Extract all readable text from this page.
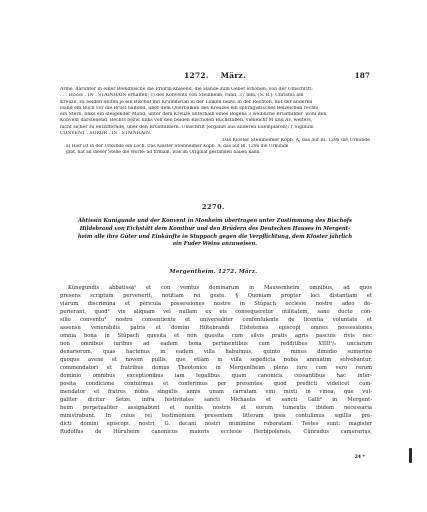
1272. März.	187
Arme, darunter in einer Blendnische die Priorin knieend, die Hände zum Gebet erhoben; von der Umschrift:
. . . BISSE . IN . STAINHAIN erhalten; c) des Konvents von Steinheim, rund, 37 mm, (S. B.): Christus am
Kreuze, zu beiden Seiten je ein Bischof mit Krummstab in der Linken bezw. in der Rechten, mit der anderen
Hand ein Buch vor die Brust haltend, über dem Querbalken des Kreuzes ein sphragistisches Beizeichen rechts
ein Stern, links ein steigender Mond; unter dem Kreuze unterhalb eines Bogens 3 weibliche Brustbilder, wohl den
Konvent darstellend. Rechts bezw. links von den beiden Bischöfen Buchstaben, vielleicht M und AV, weiters,
nicht sicher zu entziffernde, über den Brustbildern. Umschrift (ergänzt aus anderen Exemplaren): † Sigillum
CONVENT . SOROR . IN . STAINHAIN.
Das Kloster Steinheimer Kopb. A, das auf Bl. 129a die Urkunde
a) Hier ist in der Urkunde ein Loch. Das Kloster Steinheimer Kopb. A, das auf Bl. 129a die Urkunde
gibt, hat an dieser Stelle die Worte: ad firmam, was im Original gestanden haben kann.
2270.
Äbtissin Kunigunde und der Konvent in Monheim übertragen unter Zustimmung des Bischofs
Hildebrand von Eichstätt dem Komthur und den Brüdern des Deutschen Hauses in Mergent-
heim alle ihre Güter und Einkünfte in Stuppach gegen die Verpflichtung, dem Kloster jährlich
ein Fuder Weins anzuweisen.
Mergentheim. 1272. März.
Kûnegundis abbatissa¹ et con vemtus dominarum in Mauwenheim omnibus, ad quos
presens scriptum pervenerit, notitiam rei geste. § Quoniam propter loci distantiam et
viarum discrimina et pericula possessiones nostre in Stûpach ecclesie nostre adeo de-
perierant, quod² vix aliquam vel nullam ex eis consequeretur utilitatem, sano ducto con-
silio conventu³ nostro consentiente et universaliter conſenſulente de licentia voluntate et
assensu venerabilis patris et domini Hiltebrandi Eistetensis episcopi omnes possessiones
omnia bona in Stûpach quesita et non quesita cum silvis pratis agris pascuis rivis nec
non omnibus iuribus ad eadem bona pertinentibus cum redditibus XIIII¹/₂ unciarum
denariorum, quas hactenus in eadem villa habuimus, quinto minus dimidio sumerino
quoque avene et novem pullis, que etiam in villa sepedicta nobis annuatim solvebantur,
commendatori et fratribus domus Theotonice in Mergentheim pleno iure cum vero rerum
dominio omnibus exceptionibus iam legalibus quam canonicis cessantibus hac inter-
posita condicione contulimus et conferimus per presentes, quod predicti videlicet com-
mendator et fratres nobis singulis annis unam carratam vini mixti in vinea, que vul-
galiter dicitur Setze, infra festivitates sancti Michaelis et sancti Galli⁴ in Mergent-
heim perpetualiter assignabunt et nuntiis nostris et eorum tumentis ibidem necessaria
ministrabunt. In cuius rei testimonium presentem litteram ipsis contulimus sigillis pre-
dicti domini episcopi, nostri, G. decani nostri munimine roboratam. Testes sunt: magister
Rudolfus de Hûruheim canonicus maioris ecclesie Herbipolensis, Cûnradus camerarius,
24 *
